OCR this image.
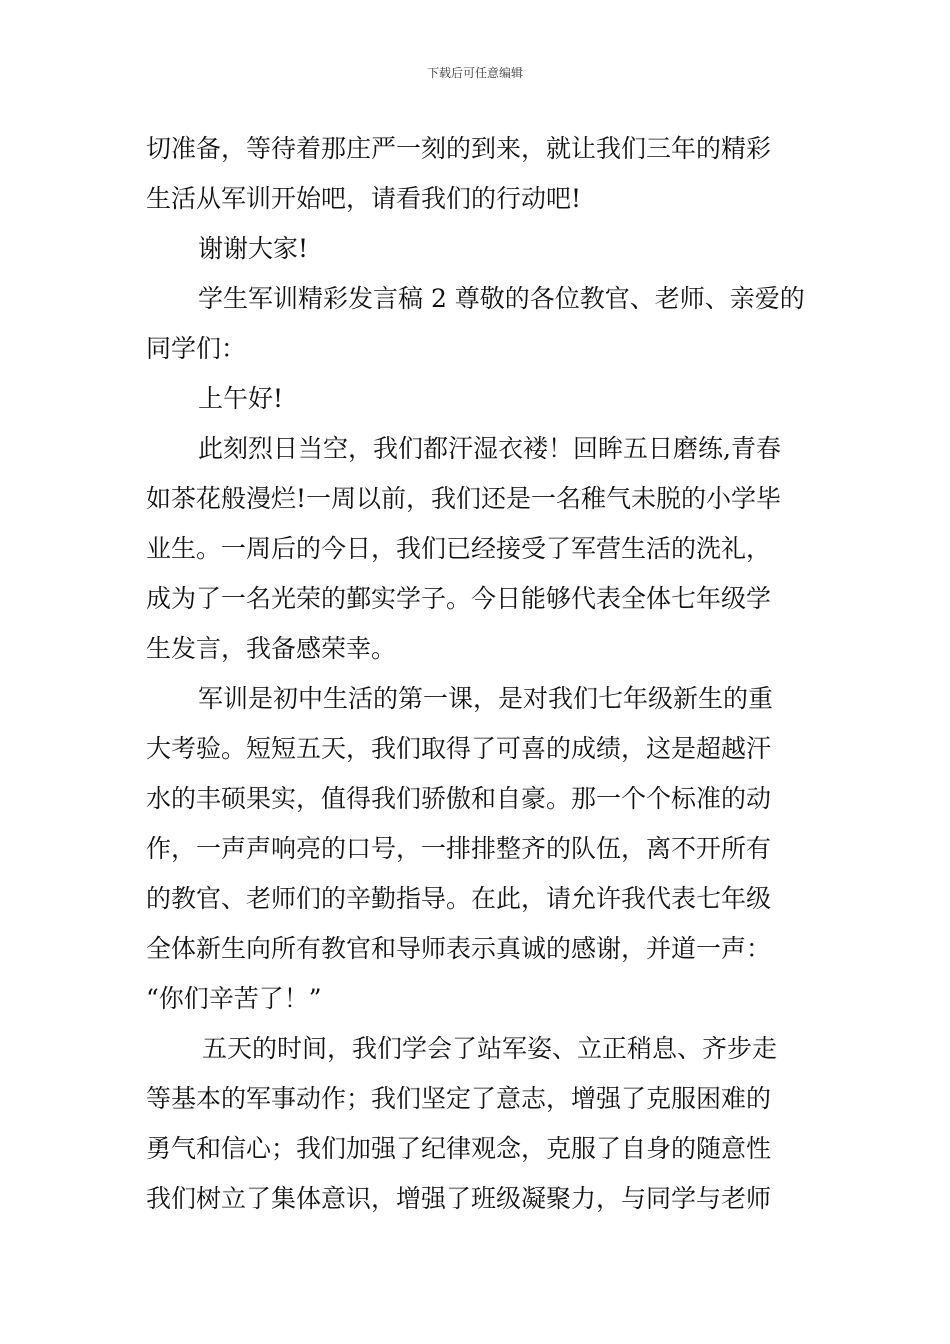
下载后可任意编辑
切准备，等待着那庄严一刻的到来，就让我们三年的精彩
生活从军训开始吧，请看我们的行动吧!
谢谢大家!
学生军训精彩发言稿 2 尊敬的各位教官、老师、亲爱的
同学们：
上午好!
此刻烈日当空，我们都汗湿衣褛！回眸五日磨练,青春
如茶花般漫烂!一周以前，我们还是一名稚气未脱的小学毕
业生。一周后的今日，我们已经接受了军营生活的洗礼，
成为了一名光荣的鄞实学子。今日能够代表全体七年级学
生发言，我备感荣幸。
军训是初中生活的第一课，是对我们七年级新生的重
大考验。短短五天，我们取得了可喜的成绩，这是超越汗
水的丰硕果实，值得我们骄傲和自豪。那一个个标准的动
作，一声声响亮的口号，一排排整齐的队伍，离不开所有
的教官、老师们的辛勤指导。在此，请允许我代表七年级
全体新生向所有教官和导师表示真诚的感谢，并道一声：
“你们辛苦了！”
五天的时间，我们学会了站军姿、立正稍息、齐步走
等基本的军事动作；我们坚定了意志，增强了克服困难的
勇气和信心；我们加强了纪律观念，克服了自身的随意性
我们树立了集体意识，增强了班级凝聚力，与同学与老师
